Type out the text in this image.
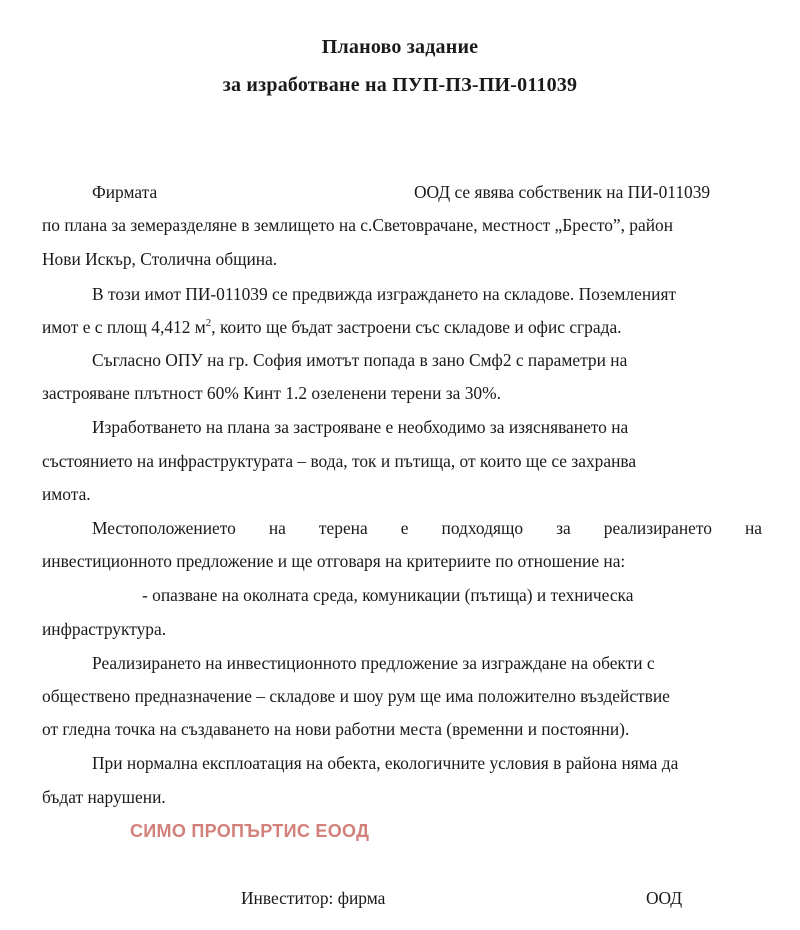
Планово задание
за изработване на ПУП-ПЗ-ПИ-011039
Фирмата	ООД се явява собственик на ПИ-011039
по плана за земеразделяне в землището на с.Световрачане, местност „Бресто”, район
Нови Искър, Столична община.
В този имот ПИ-011039 се предвижда изграждането на складове. Поземленият
имот е с площ 4,412 $м^2$, които ще бъдат застроени със складове и офис сграда.
Съгласно ОПУ на гр. София имотът попада в зано Смф2 с параметри на
застрояване плътност 60% Кинт 1.2 озеленени терени за 30%.
Изработването на плана за застрояване е необходимо за изясняването на
състоянието на инфраструктурата – вода, ток и пътища, от които ще се захранва
имота.
Местоположението на терена е подходящо за реализирането на
инвестиционното предложение и ще отговаря на критериите по отношение на:
- опазване на околната среда, комуникации (пътища) и техническа
инфраструктура.
Реализирането на инвестиционното предложение за изграждане на обекти с
обществено предназначение – складове и шоу рум ще има положително въздействие
от гледна точка на създаването на нови работни места (временни и постоянни).
При нормална експлоатация на обекта, екологичните условия в района няма да
бъдат нарушени.
СИМО ПРОПЪРТИС ЕООД
Инвеститор: фирма	ООД
